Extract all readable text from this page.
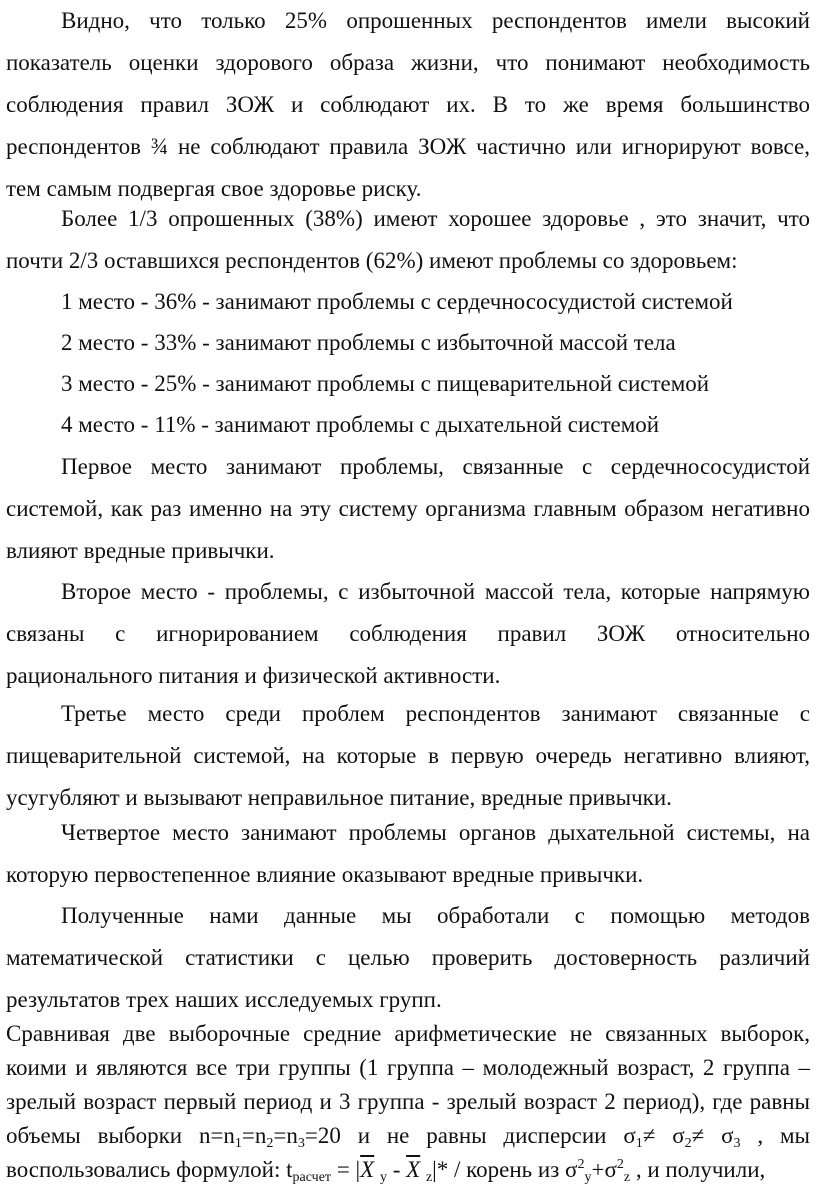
Видно, что только 25% опрошенных респондентов имели высокий показатель оценки здорового образа жизни, что понимают необходимость соблюдения правил ЗОЖ и соблюдают их. В то же время большинство респондентов ¾ не соблюдают правила ЗОЖ частично или игнорируют вовсе, тем самым подвергая свое здоровье риску.

Более 1/3 опрошенных (38%) имеют хорошее здоровье , это значит, что почти 2/3 оставшихся респондентов (62%) имеют проблемы со здоровьем:

1 место - 36% - занимают проблемы с сердечнососудистой системой

2 место - 33% - занимают проблемы с избыточной массой тела

3 место - 25% - занимают проблемы с пищеварительной системой

4 место - 11% - занимают проблемы с дыхательной системой

Первое место занимают проблемы, связанные с сердечнососудистой системой, как раз именно на эту систему организма главным образом негативно влияют вредные привычки.

Второе место - проблемы, с избыточной массой тела, которые напрямую связаны с игнорированием соблюдения правил ЗОЖ относительно рационального питания и физической активности.

Третье место среди проблем респондентов занимают связанные с пищеварительной системой, на которые в первую очередь негативно влияют, усугубляют и вызывают неправильное питание, вредные привычки.

Четвертое место занимают проблемы органов дыхательной системы, на которую первостепенное влияние оказывают вредные привычки.

Полученные нами данные мы обработали с помощью методов математической статистики с целью проверить достоверность различий результатов трех наших исследуемых групп.

Сравнивая две выборочные средние арифметические не связанных выборок, коими и являются все три группы (1 группа – молодежный возраст, 2 группа – зрелый возраст первый период и 3 группа - зрелый возраст 2 период), где равны объемы выборки $n=n_1=n_2=n_3=20$ и не равны дисперсии $\sigma_1\ne \sigma_2\ne \sigma_3$ , мы воспользовались формулой: $t_{расчет} = |\overline{X}$ $_y - \overline{X}$ $_z$|* / корень из $\sigma^2_y+\sigma^2_z$ , и получили,
